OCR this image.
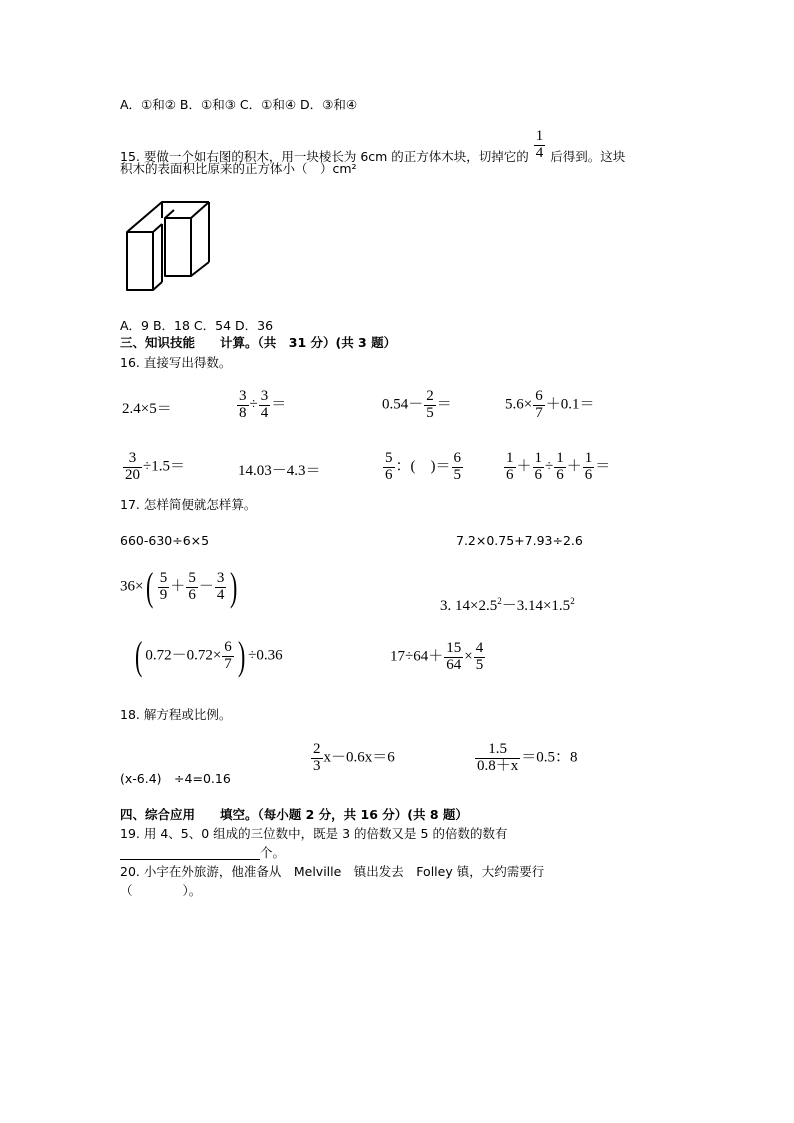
A．①和② B．①和③ C．①和④ D．③和④
15. 要做一个如右图的积木，用一块棱长为 6cm 的正方体木块，切掉它的 $\frac{1}{4}$ 后得到。这块
积木的表面积比原来的正方体小（　）cm²
A．9 B．18 C．54 D．36
三、知识技能　　计算。（共　31 分）(共 3 题）
16. 直接写出得数。
2.4×5＝	$\frac{3}{8} \div \frac{3}{4}$ ＝	$0.54- \frac{2}{5}$ ＝	$5.6\times \frac{6}{7} +0.1=$
$\frac{3}{20} \div 1.5=$	14.03－4.3＝	$\frac{5}{6}$ ：(　)＝ $\frac{6}{5}$	$\frac{1}{6} + \frac{1}{6} \div \frac{1}{6} + \frac{1}{6}$ ＝
17. 怎样简便就怎样算。
660-630÷6×5	7.2×0.75+7.93÷2.6
$36\times( \frac{5}{9} + \frac{5}{6} - \frac{3}{4}$ )	3. $14\times 2.5^2-3.14\times 1.5^2$
( $0.72-0.72\times \frac{6}{7}$ ) ÷0.36	$17\div 64+ \frac{15}{64} \times \frac{4}{5}$
18. 解方程或比例。
(x-6.4)　÷4=0.16
$\frac{2}{3} x-0.6x=6$	$\frac{1.5}{0.8+x} =0.5$：8
四、综合应用　　填空。（每小题 2 分，共 16 分）(共 8 题）
19. 用 4、5、0 组成的三位数中，既是 3 的倍数又是 5 的倍数的数有
个。
20. 小宇在外旅游，他准备从　Melville　镇出发去　Folley 镇，大约需要行
（　　　　）。
